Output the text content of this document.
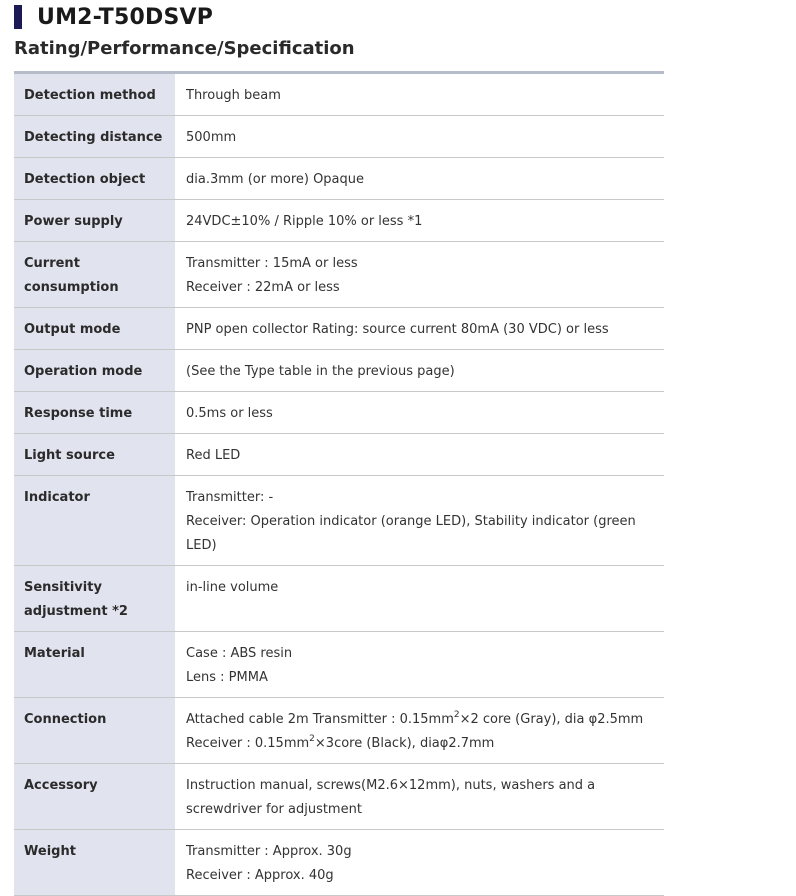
UM2-T50DSVP
Rating/Performance/Specification
Detection method	Through beam

Detecting distance	500mm

Detection object	dia.3mm (or more) Opaque

Power supply	24VDC±10% / Ripple 10% or less *1

Current consumption	Transmitter : 15mA or less
Receiver : 22mA or less

Output mode	PNP open collector Rating: source current 80mA (30 VDC) or less

Operation mode	(See the Type table in the previous page)

Response time	0.5ms or less

Light source	Red LED

Indicator	Transmitter: -
Receiver: Operation indicator (orange LED), Stability indicator (green LED)

Sensitivity adjustment *2	in-line volume

Material	Case : ABS resin
Lens : PMMA

Connection	Attached cable 2m Transmitter : $0.15mm^2\times 2$ core (Gray), dia φ2.5mm
Receiver : $0.15mm^2\times 3core$ (Black), diaφ2.7mm

Accessory	Instruction manual, screws(M2.6×12mm), nuts, washers and a screwdriver for adjustment

Weight	Transmitter : Approx. 30g
Receiver : Approx. 40g
